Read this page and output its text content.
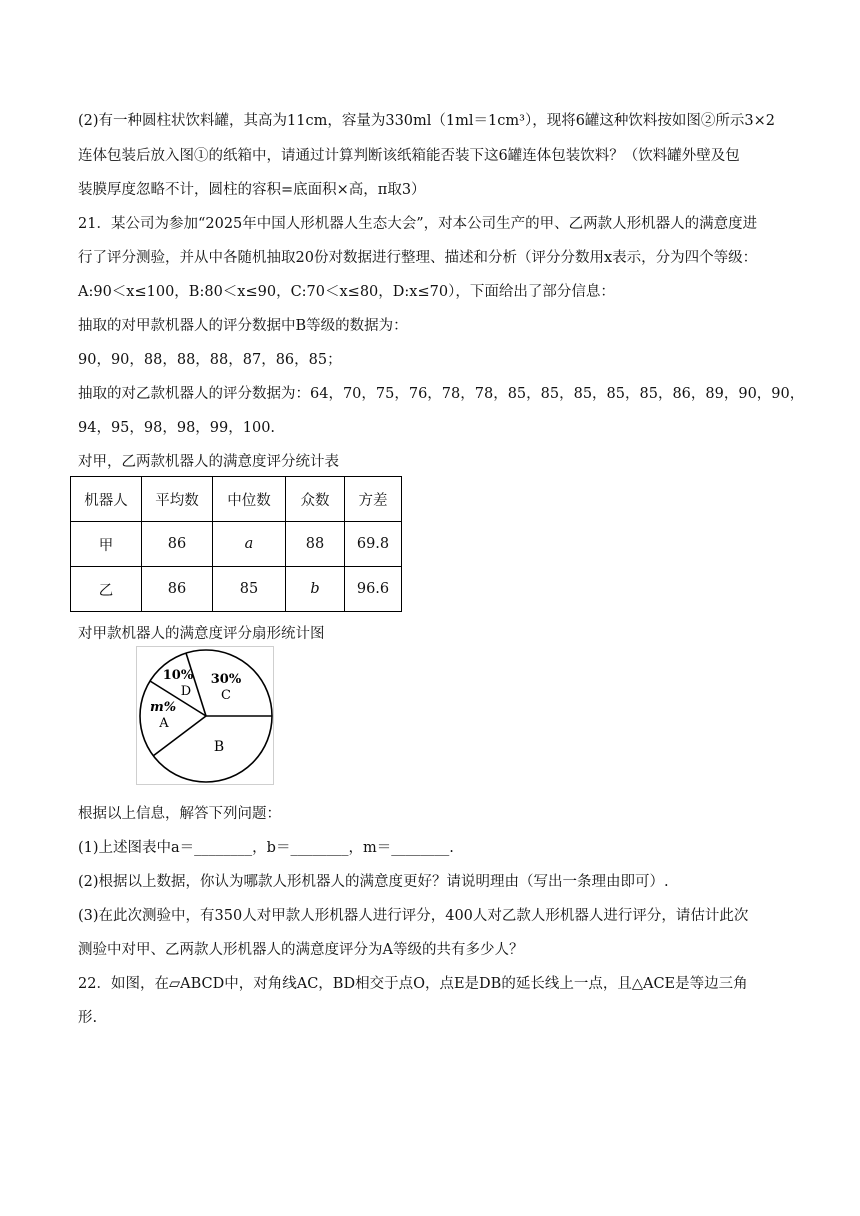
(2)有一种圆柱状饮料罐，其高为11cm，容量为330ml（1ml＝1cm³），现将6罐这种饮料按如图②所示3×2
连体包装后放入图①的纸箱中，请通过计算判断该纸箱能否装下这6罐连体包装饮料？（饮料罐外壁及包
装膜厚度忽略不计，圆柱的容积=底面积×高，π取3）
21．某公司为参加“2025年中国人形机器人生态大会”，对本公司生产的甲、乙两款人形机器人的满意度进
行了评分测验，并从中各随机抽取20份对数据进行整理、描述和分析（评分分数用x表示，分为四个等级：
A:90＜x≤100，B:80＜x≤90，C:70＜x≤80，D:x≤70），下面给出了部分信息：
抽取的对甲款机器人的评分数据中B等级的数据为：
90，90，88，88，88，87，86，85；
抽取的对乙款机器人的评分数据为：64，70，75，76，78，78，85，85，85，85，85，86，89，90，90，
94，95，98，98，99，100.
对甲，乙两款机器人的满意度评分统计表
机器人	平均数	中位数	众数	方差
甲	86	a	88	69.8
乙	86	85	b	96.6
对甲款机器人的满意度评分扇形统计图
10%
D
30%
C
m%
A
B
根据以上信息，解答下列问题：
(1)上述图表中a＝________，b＝________，m＝________.
(2)根据以上数据，你认为哪款人形机器人的满意度更好？请说明理由（写出一条理由即可）.
(3)在此次测验中，有350人对甲款人形机器人进行评分，400人对乙款人形机器人进行评分，请估计此次
测验中对甲、乙两款人形机器人的满意度评分为A等级的共有多少人？
22．如图，在▱ABCD中，对角线AC，BD相交于点O，点E是DB的延长线上一点，且△ACE是等边三角
形.
